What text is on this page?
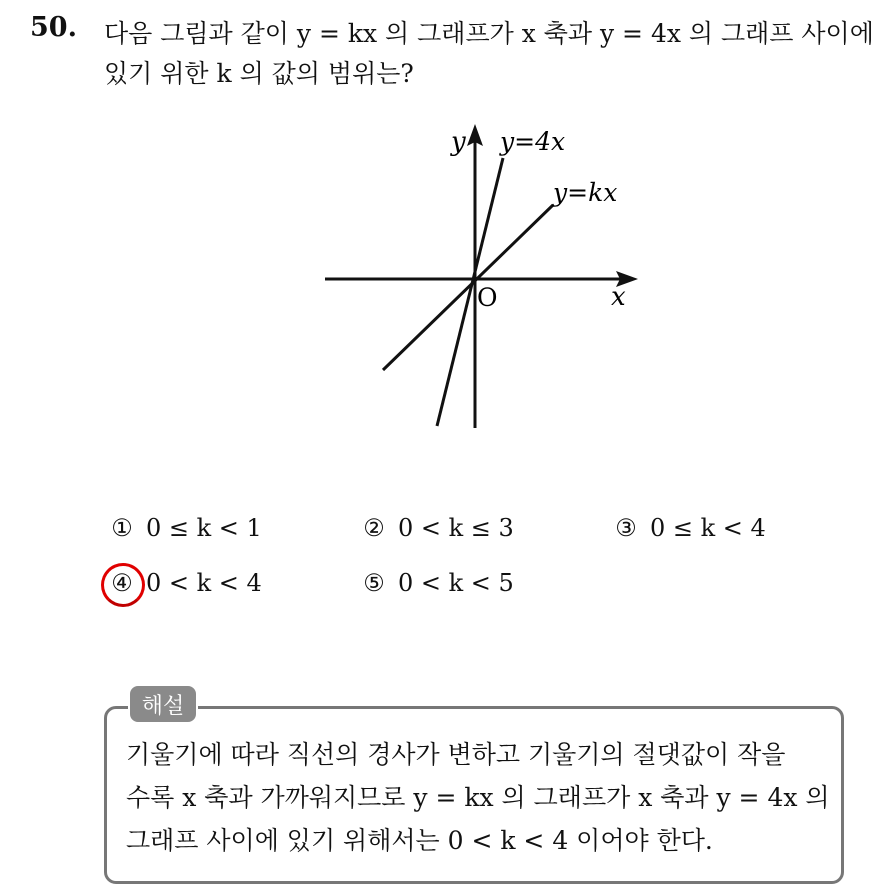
50. 다음 그림과 같이 y = kx 의 그래프가 x 축과 y = 4x 의 그래프 사이에
있기 위한 k 의 값의 범위는?
y
x
O
y=4x
y=kx
① 0 ≤ k < 1	② 0 < k ≤ 3	③ 0 ≤ k < 4
④ 0 < k < 4	⑤ 0 < k < 5
해설
기울기에 따라 직선의 경사가 변하고 기울기의 절댓값이 작을
수록 x 축과 가까워지므로 y = kx 의 그래프가 x 축과 y = 4x 의
그래프 사이에 있기 위해서는 0 < k < 4 이어야 한다.
